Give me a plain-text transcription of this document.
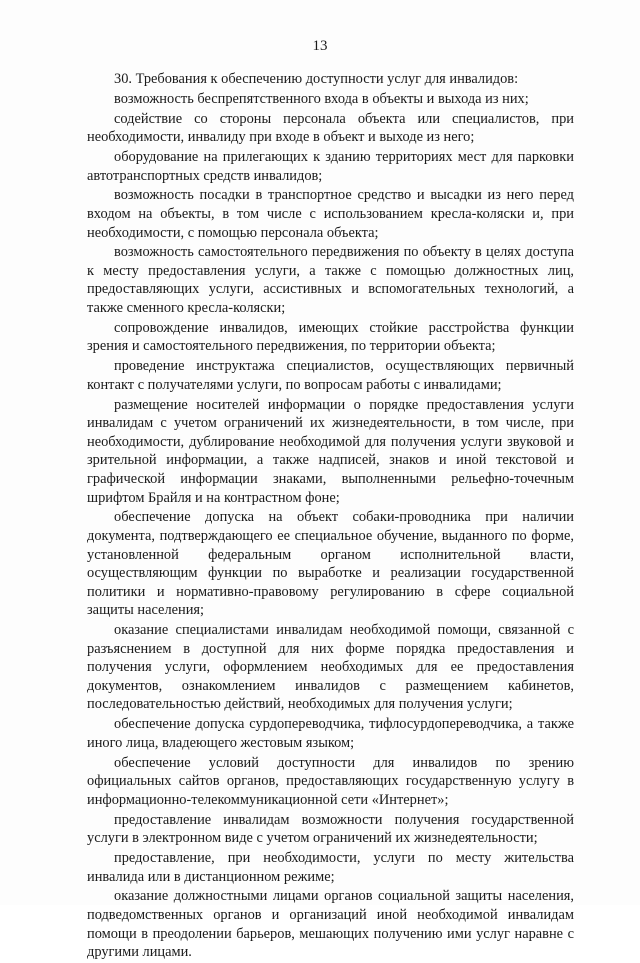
13

30. Требования к обеспечению доступности услуг для инвалидов:

возможность беспрепятственного входа в объекты и выхода из них;

содействие со стороны персонала объекта или специалистов, при необходимости, инвалиду при входе в объект и выходе из него;

оборудование на прилегающих к зданию территориях мест для парковки автотранспортных средств инвалидов;

возможность посадки в транспортное средство и высадки из него перед входом на объекты, в том числе с использованием кресла-коляски и, при необходимости, с помощью персонала объекта;

возможность самостоятельного передвижения по объекту в целях доступа к месту предоставления услуги, а также с помощью должностных лиц, предоставляющих услуги, ассистивных и вспомогательных технологий, а также сменного кресла-коляски;

сопровождение инвалидов, имеющих стойкие расстройства функции зрения и самостоятельного передвижения, по территории объекта;

проведение инструктажа специалистов, осуществляющих первичный контакт с получателями услуги, по вопросам работы с инвалидами;

размещение носителей информации о порядке предоставления услуги инвалидам с учетом ограничений их жизнедеятельности, в том числе, при необходимости, дублирование необходимой для получения услуги звуковой и зрительной информации, а также надписей, знаков и иной текстовой и графической информации знаками, выполненными рельефно-точечным шрифтом Брайля и на контрастном фоне;

обеспечение допуска на объект собаки-проводника при наличии документа, подтверждающего ее специальное обучение, выданного по форме, установленной федеральным органом исполнительной власти, осуществляющим функции по выработке и реализации государственной политики и нормативно-правовому регулированию в сфере социальной защиты населения;

оказание специалистами инвалидам необходимой помощи, связанной с разъяснением в доступной для них форме порядка предоставления и получения услуги, оформлением необходимых для ее предоставления документов, ознакомлением инвалидов с размещением кабинетов, последовательностью действий, необходимых для получения услуги;

обеспечение допуска сурдопереводчика, тифлосурдопереводчика, а также иного лица, владеющего жестовым языком;

обеспечение условий доступности для инвалидов по зрению официальных сайтов органов, предоставляющих государственную услугу в информационно-телекоммуникационной сети «Интернет»;

предоставление инвалидам возможности получения государственной услуги в электронном виде с учетом ограничений их жизнедеятельности;

предоставление, при необходимости, услуги по месту жительства инвалида или в дистанционном режиме;

оказание должностными лицами органов социальной защиты населения, подведомственных органов и организаций иной необходимой инвалидам помощи в преодолении барьеров, мешающих получению ими услуг наравне с другими лицами.
